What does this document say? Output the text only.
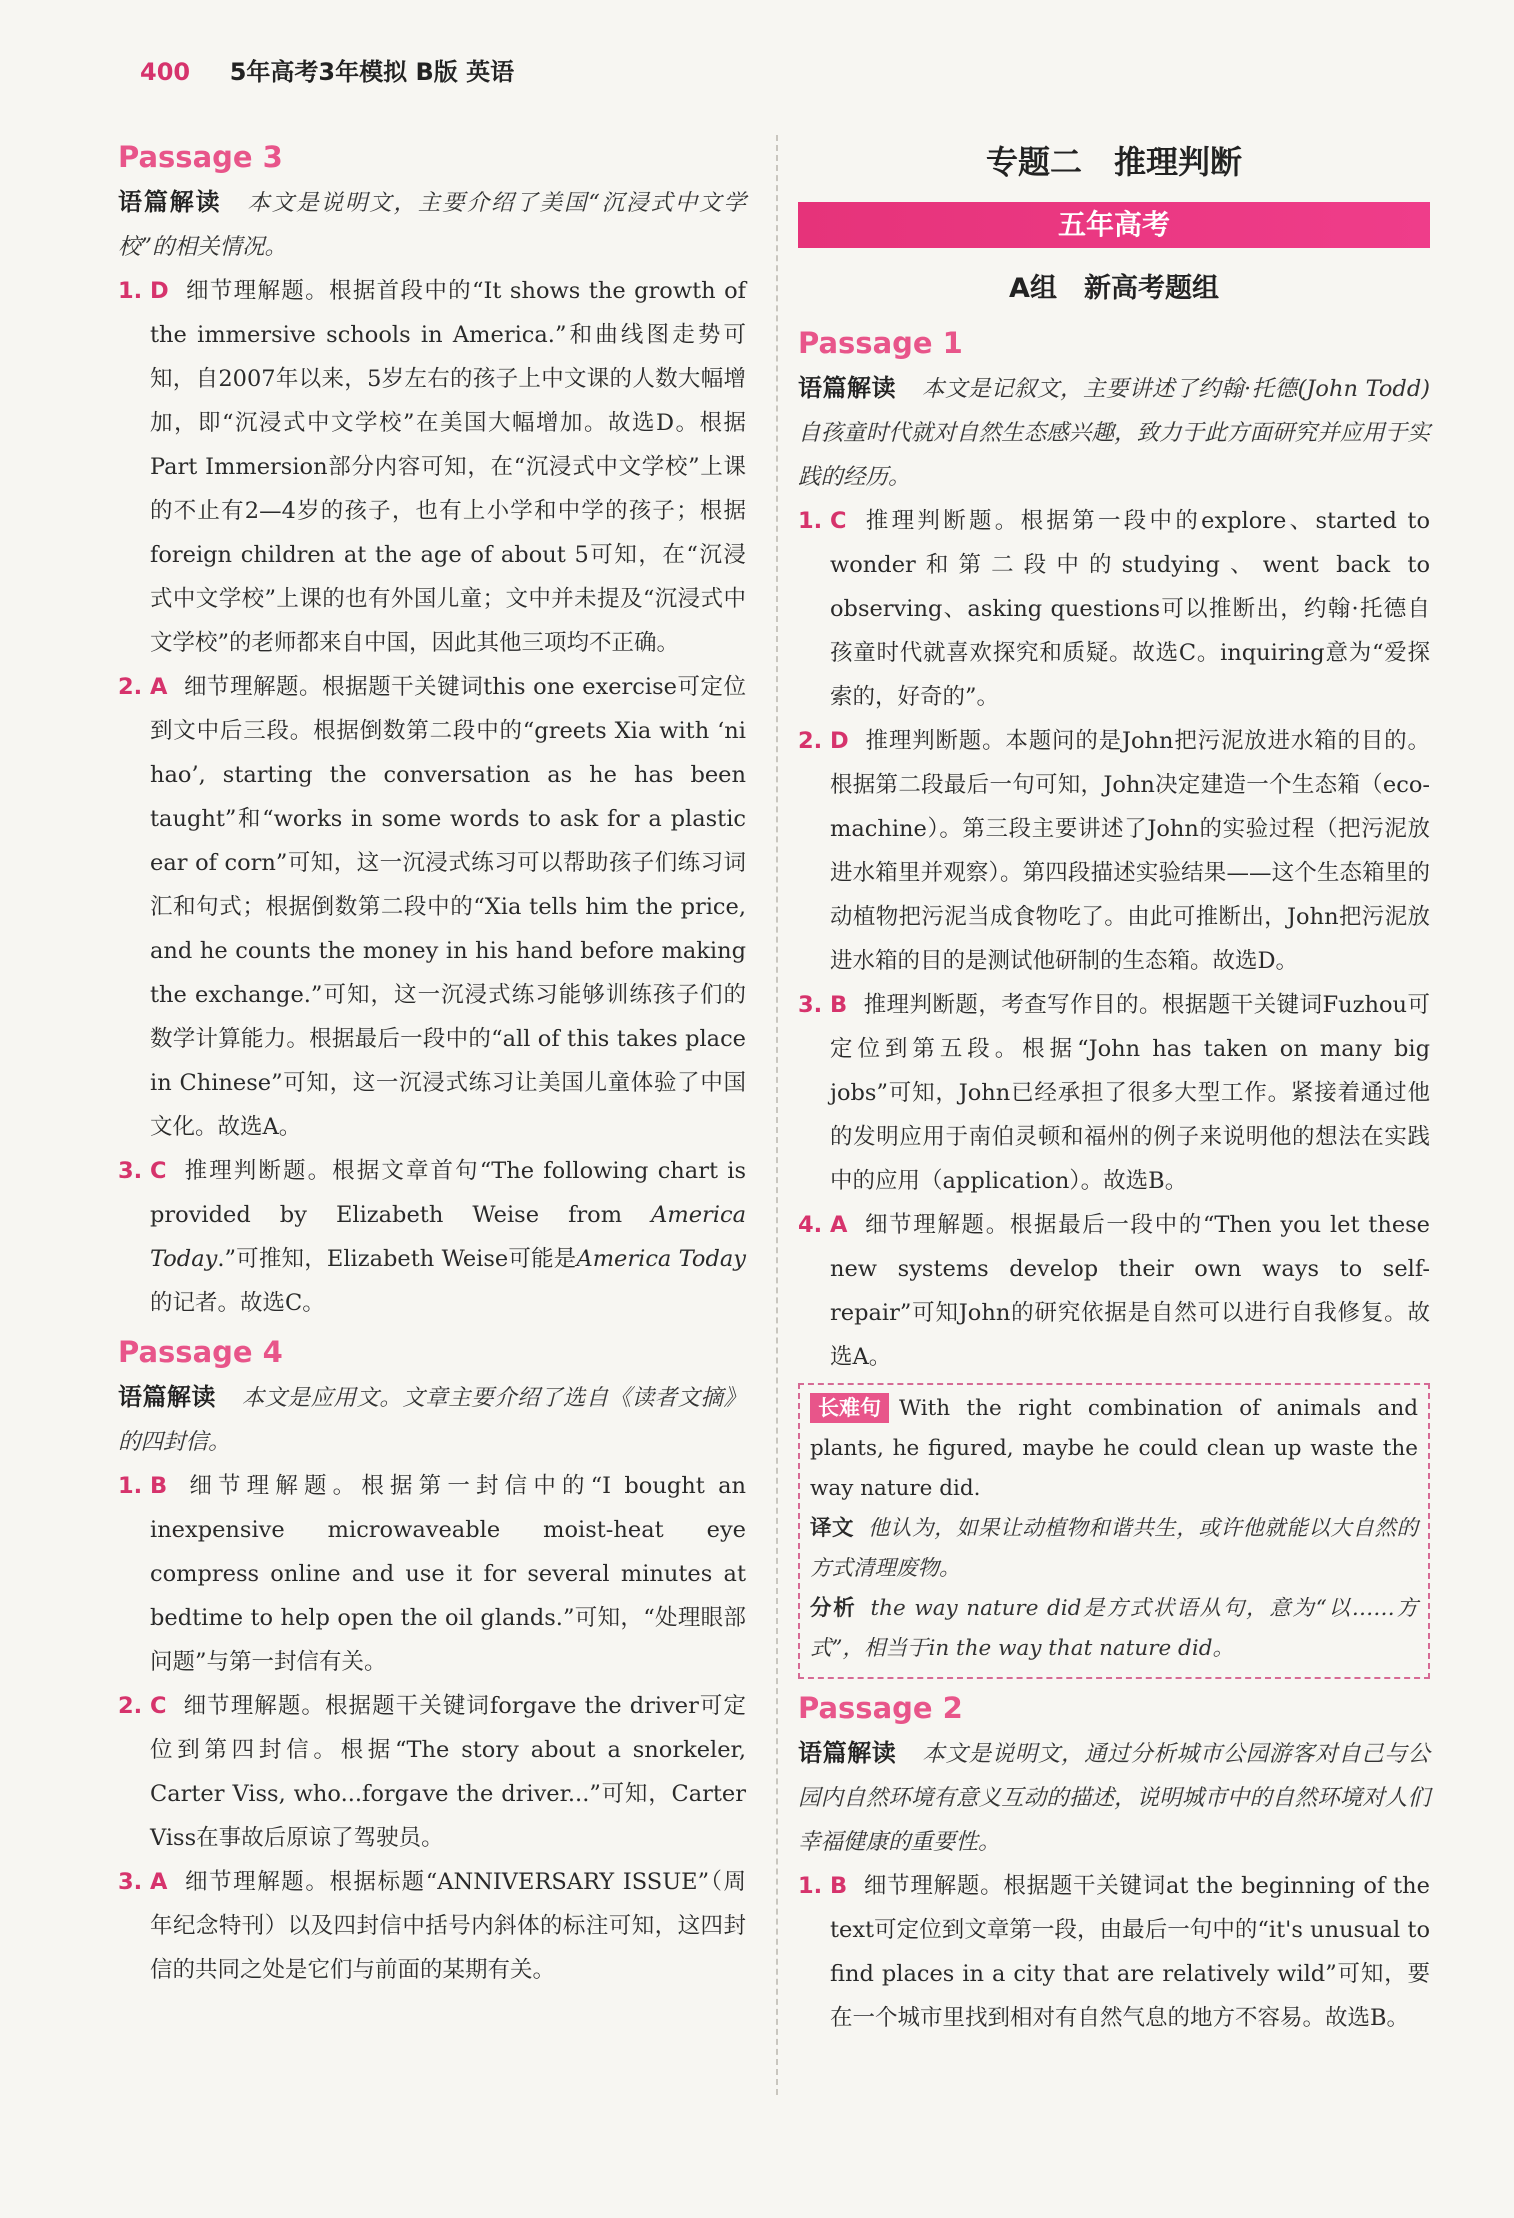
400 5年高考3年模拟 B版 英语
Passage 3
语篇解读 本文是说明文，主要介绍了美国“沉浸式中文学校”的相关情况。
1. D 细节理解题。根据首段中的“It shows the growth of the immersive schools in America.”和曲线图走势可知，自2007年以来，5岁左右的孩子上中文课的人数大幅增加，即“沉浸式中文学校”在美国大幅增加。故选D。根据Part Immersion部分内容可知，在“沉浸式中文学校”上课的不止有2—4岁的孩子，也有上小学和中学的孩子；根据foreign children at the age of about 5可知，在“沉浸式中文学校”上课的也有外国儿童；文中并未提及“沉浸式中文学校”的老师都来自中国，因此其他三项均不正确。
2. A 细节理解题。根据题干关键词this one exercise可定位到文中后三段。根据倒数第二段中的“greets Xia with ‘ni hao’, starting the conversation as he has been taught”和“works in some words to ask for a plastic ear of corn”可知，这一沉浸式练习可以帮助孩子们练习词汇和句式；根据倒数第二段中的“Xia tells him the price, and he counts the money in his hand before making the exchange.”可知，这一沉浸式练习能够训练孩子们的数学计算能力。根据最后一段中的“all of this takes place in Chinese”可知，这一沉浸式练习让美国儿童体验了中国文化。故选A。
3. C 推理判断题。根据文章首句“The following chart is provided by Elizabeth Weise from America Today.”可推知，Elizabeth Weise可能是America Today的记者。故选C。
Passage 4
语篇解读 本文是应用文。文章主要介绍了选自《读者文摘》的四封信。
1. B 细节理解题。根据第一封信中的“I bought an inexpensive microwaveable moist-heat eye compress online and use it for several minutes at bedtime to help open the oil glands.”可知，“处理眼部问题”与第一封信有关。
2. C 细节理解题。根据题干关键词forgave the driver可定位到第四封信。根据“The story about a snorkeler, Carter Viss, who...forgave the driver...”可知，Carter Viss在事故后原谅了驾驶员。
3. A 细节理解题。根据标题“ANNIVERSARY ISSUE”（周年纪念特刊）以及四封信中括号内斜体的标注可知，这四封信的共同之处是它们与前面的某期有关。
专题二　推理判断
五年高考
A组　新高考题组
Passage 1
语篇解读 本文是记叙文，主要讲述了约翰·托德(John Todd)自孩童时代就对自然生态感兴趣，致力于此方面研究并应用于实践的经历。
1. C 推理判断题。根据第一段中的explore、started to wonder和第二段中的studying、went back to observing、asking questions可以推断出，约翰·托德自孩童时代就喜欢探究和质疑。故选C。inquiring意为“爱探索的，好奇的”。
2. D 推理判断题。本题问的是John把污泥放进水箱的目的。根据第二段最后一句可知，John决定建造一个生态箱（eco-machine）。第三段主要讲述了John的实验过程（把污泥放进水箱里并观察）。第四段描述实验结果——这个生态箱里的动植物把污泥当成食物吃了。由此可推断出，John把污泥放进水箱的目的是测试他研制的生态箱。故选D。
3. B 推理判断题，考查写作目的。根据题干关键词Fuzhou可定位到第五段。根据“John has taken on many big jobs”可知，John已经承担了很多大型工作。紧接着通过他的发明应用于南伯灵顿和福州的例子来说明他的想法在实践中的应用（application）。故选B。
4. A 细节理解题。根据最后一段中的“Then you let these new systems develop their own ways to self-repair”可知John的研究依据是自然可以进行自我修复。故选A。
长难句 With the right combination of animals and plants, he figured, maybe he could clean up waste the way nature did.
译文 他认为，如果让动植物和谐共生，或许他就能以大自然的方式清理废物。
分析 the way nature did是方式状语从句，意为“以……方式”，相当于in the way that nature did。
Passage 2
语篇解读 本文是说明文，通过分析城市公园游客对自己与公园内自然环境有意义互动的描述，说明城市中的自然环境对人们幸福健康的重要性。
1. B 细节理解题。根据题干关键词at the beginning of the text可定位到文章第一段，由最后一句中的“it's unusual to find places in a city that are relatively wild”可知，要在一个城市里找到相对有自然气息的地方不容易。故选B。
